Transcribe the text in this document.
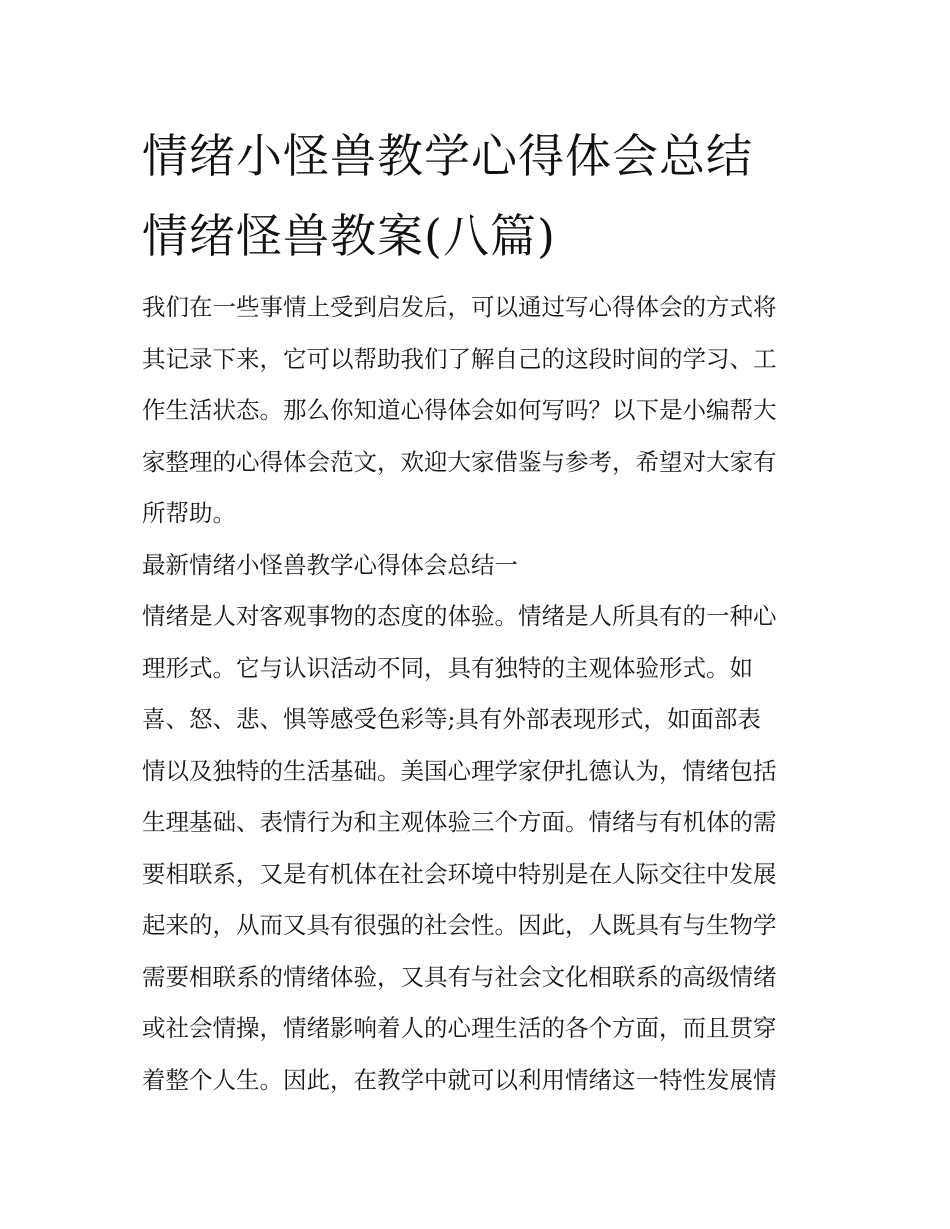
情绪小怪兽教学心得体会总结
情绪怪兽教案(八篇)
我们在一些事情上受到启发后，可以通过写心得体会的方式将
其记录下来，它可以帮助我们了解自己的这段时间的学习、工
作生活状态。那么你知道心得体会如何写吗？以下是小编帮大
家整理的心得体会范文，欢迎大家借鉴与参考，希望对大家有
所帮助。
最新情绪小怪兽教学心得体会总结一
情绪是人对客观事物的态度的体验。情绪是人所具有的一种心
理形式。它与认识活动不同，具有独特的主观体验形式。如
喜、怒、悲、惧等感受色彩等;具有外部表现形式，如面部表
情以及独特的生活基础。美国心理学家伊扎德认为，情绪包括
生理基础、表情行为和主观体验三个方面。情绪与有机体的需
要相联系，又是有机体在社会环境中特别是在人际交往中发展
起来的，从而又具有很强的社会性。因此，人既具有与生物学
需要相联系的情绪体验，又具有与社会文化相联系的高级情绪
或社会情操，情绪影响着人的心理生活的各个方面，而且贯穿
着整个人生。因此，在教学中就可以利用情绪这一特性发展情
